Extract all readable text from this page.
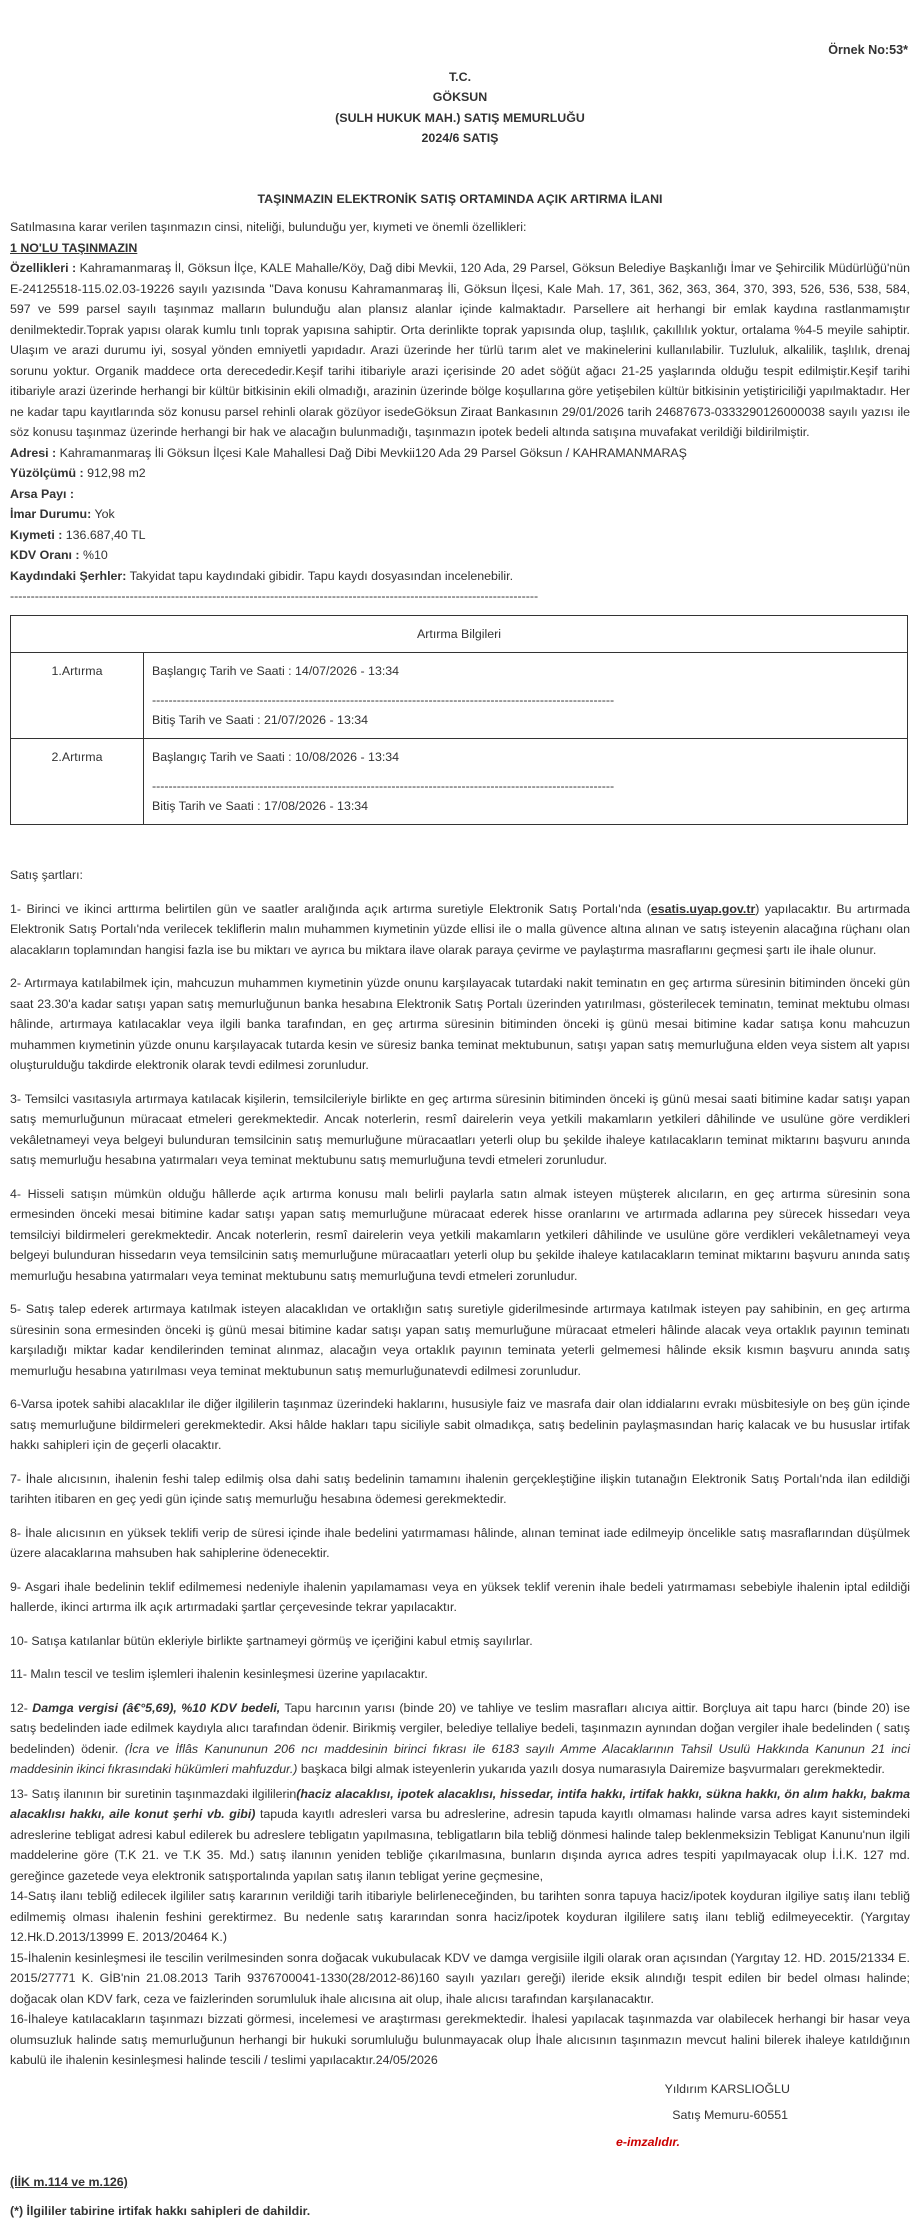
Örnek No:53*
T.C.
GÖKSUN
(SULH HUKUK MAH.) SATIŞ MEMURLUĞU
2024/6 SATIŞ
TAŞINMAZIN ELEKTRONİK SATIŞ ORTAMINDA AÇIK ARTIRMA İLANI

Satılmasına karar verilen taşınmazın cinsi, niteliği, bulunduğu yer, kıymeti ve önemli özellikleri:

1 NO'LU TAŞINMAZIN

Özellikleri : Kahramanmaraş İl, Göksun İlçe, KALE Mahalle/Köy, Dağ dibi Mevkii, 120 Ada, 29 Parsel, Göksun Belediye Başkanlığı İmar ve Şehircilik Müdürlüğü'nün E-24125518-115.02.03-19226 sayılı yazısında "Dava konusu Kahramanmaraş İli, Göksun İlçesi, Kale Mah. 17, 361, 362, 363, 364, 370, 393, 526, 536, 538, 584, 597 ve 599 parsel sayılı taşınmaz malların bulunduğu alan plansız alanlar içinde kalmaktadır. Parsellere ait herhangi bir emlak kaydına rastlanmamıştır denilmektedir.Toprak yapısı olarak kumlu tınlı toprak yapısına sahiptir. Orta derinlikte toprak yapısında olup, taşlılık, çakıllılık yoktur, ortalama %4-5 meyile sahiptir. Ulaşım ve arazi durumu iyi, sosyal yönden emniyetli yapıdadır. Arazi üzerinde her türlü tarım alet ve makinelerini kullanılabilir. Tuzluluk, alkalilik, taşlılık, drenaj sorunu yoktur. Organik maddece orta derecededir.Keşif tarihi itibariyle arazi içerisinde 20 adet söğüt ağacı 21-25 yaşlarında olduğu tespit edilmiştir.Keşif tarihi itibariyle arazi üzerinde herhangi bir kültür bitkisinin ekili olmadığı, arazinin üzerinde bölge koşullarına göre yetişebilen kültür bitkisinin yetiştiriciliği yapılmaktadır. Her ne kadar tapu kayıtlarında söz konusu parsel rehinli olarak gözüyor isedeGöksun Ziraat Bankasının 29/01/2026 tarih 24687673-0333290126000038 sayılı yazısı ile söz konusu taşınmaz üzerinde herhangi bir hak ve alacağın bulunmadığı, taşınmazın ipotek bedeli altında satışına muvafakat verildiği bildirilmiştir.

Adresi : Kahramanmaraş İli Göksun İlçesi Kale Mahallesi Dağ Dibi Mevkii120 Ada 29 Parsel Göksun / KAHRAMANMARAŞ

Yüzölçümü : 912,98 m2

Arsa Payı :

İmar Durumu: Yok

Kıymeti : 136.687,40 TL

KDV Oranı : %10

Kaydındaki Şerhler: Takyidat tapu kaydındaki gibidir. Tapu kaydı dosyasından incelenebilir.

--------------------------------------------------------------------------------------------------------------------------------
Artırma Bilgileri	
1.Artırma	Başlangıç Tarih ve Saati : 14/07/2026 - 13:34
----------------------------------------------------------------------------------------------------------------
Bitiş Tarih ve Saati : 21/07/2026 - 13:34

2.Artırma	Başlangıç Tarih ve Saati : 10/08/2026 - 13:34
----------------------------------------------------------------------------------------------------------------
Bitiş Tarih ve Saati : 17/08/2026 - 13:34
Satış şartları:

1- Birinci ve ikinci arttırma belirtilen gün ve saatler aralığında açık artırma suretiyle Elektronik Satış Portalı'nda (esatis.uyap.gov.tr) yapılacaktır. Bu artırmada Elektronik Satış Portalı'nda verilecek tekliflerin malın muhammen kıymetinin yüzde ellisi ile o malla güvence altına alınan ve satış isteyenin alacağına rüçhanı olan alacakların toplamından hangisi fazla ise bu miktarı ve ayrıca bu miktara ilave olarak paraya çevirme ve paylaştırma masraflarını geçmesi şartı ile ihale olunur.

2- Artırmaya katılabilmek için, mahcuzun muhammen kıymetinin yüzde onunu karşılayacak tutardaki nakit teminatın en geç artırma süresinin bitiminden önceki gün saat 23.30'a kadar satışı yapan satış memurluğunun banka hesabına Elektronik Satış Portalı üzerinden yatırılması, gösterilecek teminatın, teminat mektubu olması hâlinde, artırmaya katılacaklar veya ilgili banka tarafından, en geç artırma süresinin bitiminden önceki iş günü mesai bitimine kadar satışa konu mahcuzun muhammen kıymetinin yüzde onunu karşılayacak tutarda kesin ve süresiz banka teminat mektubunun, satışı yapan satış memurluğuna elden veya sistem alt yapısı oluşturulduğu takdirde elektronik olarak tevdi edilmesi zorunludur.

3- Temsilci vasıtasıyla artırmaya katılacak kişilerin, temsilcileriyle birlikte en geç artırma süresinin bitiminden önceki iş günü mesai saati bitimine kadar satışı yapan satış memurluğunun müracaat etmeleri gerekmektedir. Ancak noterlerin, resmî dairelerin veya yetkili makamların yetkileri dâhilinde ve usulüne göre verdikleri vekâletnameyi veya belgeyi bulunduran temsilcinin satış memurluğune müracaatları yeterli olup bu şekilde ihaleye katılacakların teminat miktarını başvuru anında satış memurluğu hesabına yatırmaları veya teminat mektubunu satış memurluğuna tevdi etmeleri zorunludur.

4- Hisseli satışın mümkün olduğu hâllerde açık artırma konusu malı belirli paylarla satın almak isteyen müşterek alıcıların, en geç artırma süresinin sona ermesinden önceki mesai bitimine kadar satışı yapan satış memurluğune müracaat ederek hisse oranlarını ve artırmada adlarına pey sürecek hissedarı veya temsilciyi bildirmeleri gerekmektedir. Ancak noterlerin, resmî dairelerin veya yetkili makamların yetkileri dâhilinde ve usulüne göre verdikleri vekâletnameyi veya belgeyi bulunduran hissedarın veya temsilcinin satış memurluğune müracaatları yeterli olup bu şekilde ihaleye katılacakların teminat miktarını başvuru anında satış memurluğu hesabına yatırmaları veya teminat mektubunu satış memurluğuna tevdi etmeleri zorunludur.

5- Satış talep ederek artırmaya katılmak isteyen alacaklıdan ve ortaklığın satış suretiyle giderilmesinde artırmaya katılmak isteyen pay sahibinin, en geç artırma süresinin sona ermesinden önceki iş günü mesai bitimine kadar satışı yapan satış memurluğune müracaat etmeleri hâlinde alacak veya ortaklık payının teminatı karşıladığı miktar kadar kendilerinden teminat alınmaz, alacağın veya ortaklık payının teminata yeterli gelmemesi hâlinde eksik kısmın başvuru anında satış memurluğu hesabına yatırılması veya teminat mektubunun satış memurluğunatevdi edilmesi zorunludur.

6-Varsa ipotek sahibi alacaklılar ile diğer ilgililerin taşınmaz üzerindeki haklarını, hususiyle faiz ve masrafa dair olan iddialarını evrakı müsbitesiyle on beş gün içinde satış memurluğune bildirmeleri gerekmektedir. Aksi hâlde hakları tapu siciliyle sabit olmadıkça, satış bedelinin paylaşmasından hariç kalacak ve bu hususlar irtifak hakkı sahipleri için de geçerli olacaktır.

7- İhale alıcısının, ihalenin feshi talep edilmiş olsa dahi satış bedelinin tamamını ihalenin gerçekleştiğine ilişkin tutanağın Elektronik Satış Portalı'nda ilan edildiği tarihten itibaren en geç yedi gün içinde satış memurluğu hesabına ödemesi gerekmektedir.

8- İhale alıcısının en yüksek teklifi verip de süresi içinde ihale bedelini yatırmaması hâlinde, alınan teminat iade edilmeyip öncelikle satış masraflarından düşülmek üzere alacaklarına mahsuben hak sahiplerine ödenecektir.

9- Asgari ihale bedelinin teklif edilmemesi nedeniyle ihalenin yapılamaması veya en yüksek teklif verenin ihale bedeli yatırmaması sebebiyle ihalenin iptal edildiği hallerde, ikinci artırma ilk açık artırmadaki şartlar çerçevesinde tekrar yapılacaktır.

10- Satışa katılanlar bütün ekleriyle birlikte şartnameyi görmüş ve içeriğini kabul etmiş sayılırlar.

11- Malın tescil ve teslim işlemleri ihalenin kesinleşmesi üzerine yapılacaktır.

12- Damga vergisi (â€°5,69), %10 KDV bedeli, Tapu harcının yarısı (binde 20) ve tahliye ve teslim masrafları alıcıya aittir. Borçluya ait tapu harcı (binde 20) ise satış bedelinden iade edilmek kaydıyla alıcı tarafından ödenir. Birikmiş vergiler, belediye tellaliye bedeli, taşınmazın aynından doğan vergiler ihale bedelinden ( satış bedelinden) ödenir. (İcra ve İflâs Kanununun 206 ncı maddesinin birinci fıkrası ile 6183 sayılı Amme Alacaklarının Tahsil Usulü Hakkında Kanunun 21 inci maddesinin ikinci fıkrasındaki hükümleri mahfuzdur.) başkaca bilgi almak isteyenlerin yukarıda yazılı dosya numarasıyla Dairemize başvurmaları gerekmektedir.

13- Satış ilanının bir suretinin taşınmazdaki ilgililerin(haciz alacaklısı, ipotek alacaklısı, hissedar, intifa hakkı, irtifak hakkı, sükna hakkı, ön alım hakkı, bakma alacaklısı hakkı, aile konut şerhi vb. gibi) tapuda kayıtlı adresleri varsa bu adreslerine, adresin tapuda kayıtlı olmaması halinde varsa adres kayıt sistemindeki adreslerine tebligat adresi kabul edilerek bu adreslere tebligatın yapılmasına, tebligatların bila tebliğ dönmesi halinde talep beklenmeksizin Tebligat Kanunu'nun ilgili maddelerine göre (T.K 21. ve T.K 35. Md.) satış ilanının yeniden tebliğe çıkarılmasına, bunların dışında ayrıca adres tespiti yapılmayacak olup İ.İ.K. 127 md. gereğince gazetede veya elektronik satışportalında yapılan satış ilanın tebligat yerine geçmesine,

14-Satış ilanı tebliğ edilecek ilgililer satış kararının verildiği tarih itibariyle belirleneceğinden, bu tarihten sonra tapuya haciz/ipotek koyduran ilgiliye satış ilanı tebliğ edilmemiş olması ihalenin feshini gerektirmez. Bu nedenle satış kararından sonra haciz/ipotek koyduran ilgililere satış ilanı tebliğ edilmeyecektir. (Yargıtay 12.Hk.D.2013/13999 E. 2013/20464 K.)

15-İhalenin kesinleşmesi ile tescilin verilmesinden sonra doğacak vukubulacak KDV ve damga vergisiile ilgili olarak oran açısından (Yargıtay 12. HD. 2015/21334 E. 2015/27771 K. GİB'nin 21.08.2013 Tarih 9376700041-1330(28/2012-86)160 sayılı yazıları gereği) ileride eksik alındığı tespit edilen bir bedel olması halinde; doğacak olan KDV fark, ceza ve faizlerinden sorumluluk ihale alıcısına ait olup, ihale alıcısı tarafından karşılanacaktır.

16-İhaleye katılacakların taşınmazı bizzati görmesi, incelemesi ve araştırması gerekmektedir. İhalesi yapılacak taşınmazda var olabilecek herhangi bir hasar veya olumsuzluk halinde satış memurluğunun herhangi bir hukuki sorumluluğu bulunmayacak olup İhale alıcısının taşınmazın mevcut halini bilerek ihaleye katıldığının kabulü ile ihalenin kesinleşmesi halinde tescili / teslimi yapılacaktır.24/05/2026

Yıldırım KARSLIOĞLU
Satış Memuru-60551
e-imzalıdır.
(İİK m.114 ve m.126)
(*) İlgililer tabirine irtifak hakkı sahipleri de dahildir.
